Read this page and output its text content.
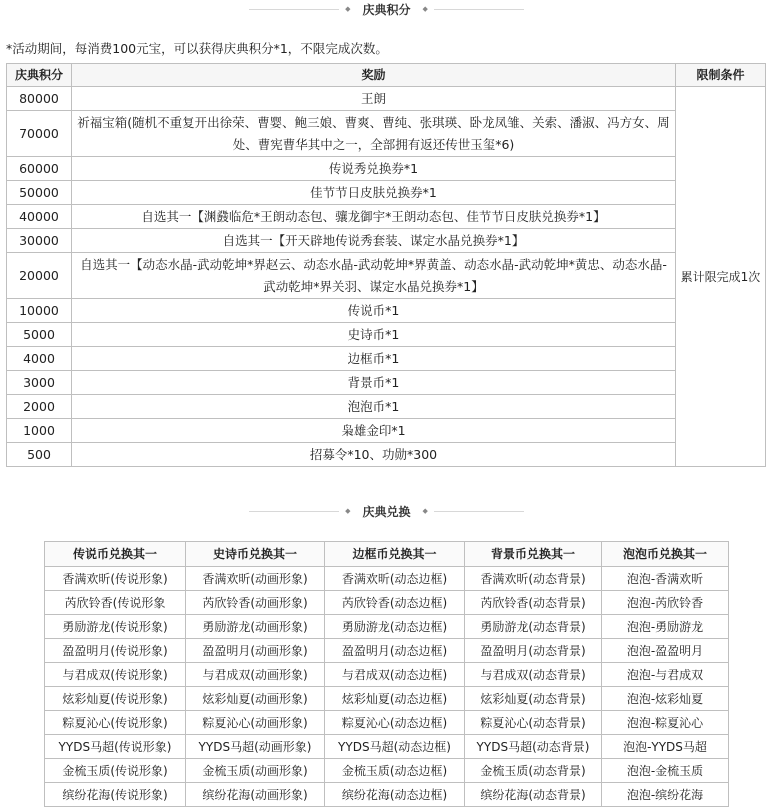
◆ 庆典积分 ◆
*活动期间，每消费100元宝，可以获得庆典积分*1，不限完成次数。
庆典积分	奖励	限制条件
80000	王朗	累计限完成1次
70000	祈福宝箱(随机不重复开出徐荣、曹婴、鲍三娘、曹爽、曹纯、张琪瑛、卧龙凤雏、关索、潘淑、冯方女、周处、曹宪曹华其中之一，全部拥有返还传世玉玺*6)	
60000	传说秀兑换券*1	
50000	佳节节日皮肤兑换券*1	
40000	自选其一【渊鼗临危*王朗动态包、骧龙御宇*王朗动态包、佳节节日皮肤兑换券*1】	
30000	自选其一【开天辟地传说秀套装、谋定水晶兑换券*1】	
20000	自选其一【动态水晶-武动乾坤*界赵云、动态水晶-武动乾坤*界黄盖、动态水晶-武动乾坤*黄忠、动态水晶-武动乾坤*界关羽、谋定水晶兑换券*1】	
10000	传说币*1	
5000	史诗币*1	
4000	边框币*1	
3000	背景币*1	
2000	泡泡币*1	
1000	枭雄金印*1	
500	招募令*10、功勋*300	
◆ 庆典兑换 ◆
传说币兑换其一	史诗币兑换其一	边框币兑换其一	背景币兑换其一	泡泡币兑换其一
香满欢昕(传说形象)	香满欢昕(动画形象)	香满欢昕(动态边框)	香满欢昕(动态背景)	泡泡-香满欢昕
芮欣铃香(传说形象	芮欣铃香(动画形象)	芮欣铃香(动态边框)	芮欣铃香(动态背景)	泡泡-芮欣铃香
勇励游龙(传说形象)	勇励游龙(动画形象)	勇励游龙(动态边框)	勇励游龙(动态背景)	泡泡-勇励游龙
盈盈明月(传说形象)	盈盈明月(动画形象)	盈盈明月(动态边框)	盈盈明月(动态背景)	泡泡-盈盈明月
与君成双(传说形象)	与君成双(动画形象)	与君成双(动态边框)	与君成双(动态背景)	泡泡-与君成双
炫彩灿夏(传说形象)	炫彩灿夏(动画形象)	炫彩灿夏(动态边框)	炫彩灿夏(动态背景)	泡泡-炫彩灿夏
粽夏沁心(传说形象)	粽夏沁心(动画形象)	粽夏沁心(动态边框)	粽夏沁心(动态背景)	泡泡-粽夏沁心
YYDS马超(传说形象)	YYDS马超(动画形象)	YYDS马超(动态边框)	YYDS马超(动态背景)	泡泡-YYDS马超
金梳玉质(传说形象)	金梳玉质(动画形象)	金梳玉质(动态边框)	金梳玉质(动态背景)	泡泡-金梳玉质
缤纷花海(传说形象)	缤纷花海(动画形象)	缤纷花海(动态边框)	缤纷花海(动态背景)	泡泡-缤纷花海
